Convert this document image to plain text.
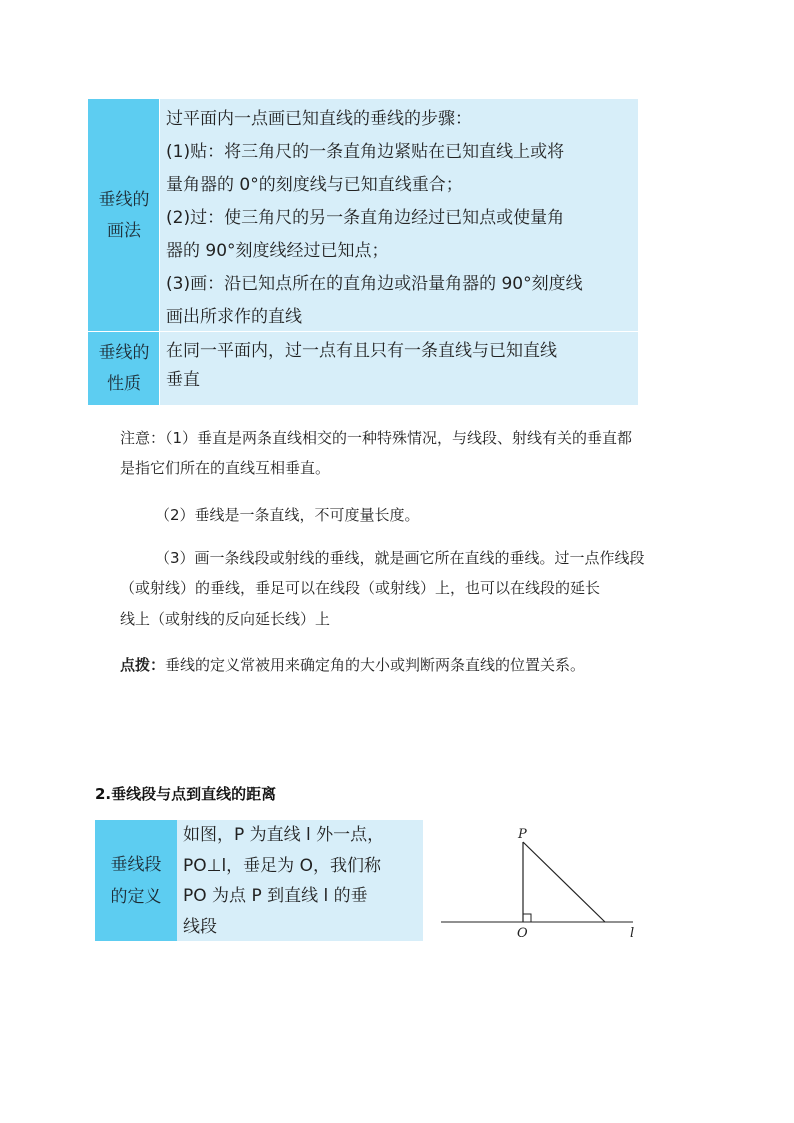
垂线的
画法

过平面内一点画已知直线的垂线的步骤：

(1)贴：将三角尺的一条直角边紧贴在已知直线上或将

量角器的 0°的刻度线与已知直线重合；

(2)过：使三角尺的另一条直角边经过已知点或使量角

器的 90°刻度线经过已知点；

(3)画：沿已知点所在的直角边或沿量角器的 90°刻度线

画出所求作的直线

垂线的
性质

在同一平面内，过一点有且只有一条直线与已知直线

垂直

注意：（1）垂直是两条直线相交的一种特殊情况，与线段、射线有关的垂直都
是指它们所在的直线互相垂直。
（2）垂线是一条直线，不可度量长度。
（3）画一条线段或射线的垂线，就是画它所在直线的垂线。过一点作线段
（或射线）的垂线，垂足可以在线段（或射线）上，也可以在线段的延长
线上（或射线的反向延长线）上
点拨：垂线的定义常被用来确定角的大小或判断两条直线的位置关系。
2.垂线段与点到直线的距离
垂线段
的定义

如图，P 为直线 l 外一点，

PO⊥l，垂足为 O，我们称

PO 为点 P 到直线 l 的垂

线段

P
O	l
